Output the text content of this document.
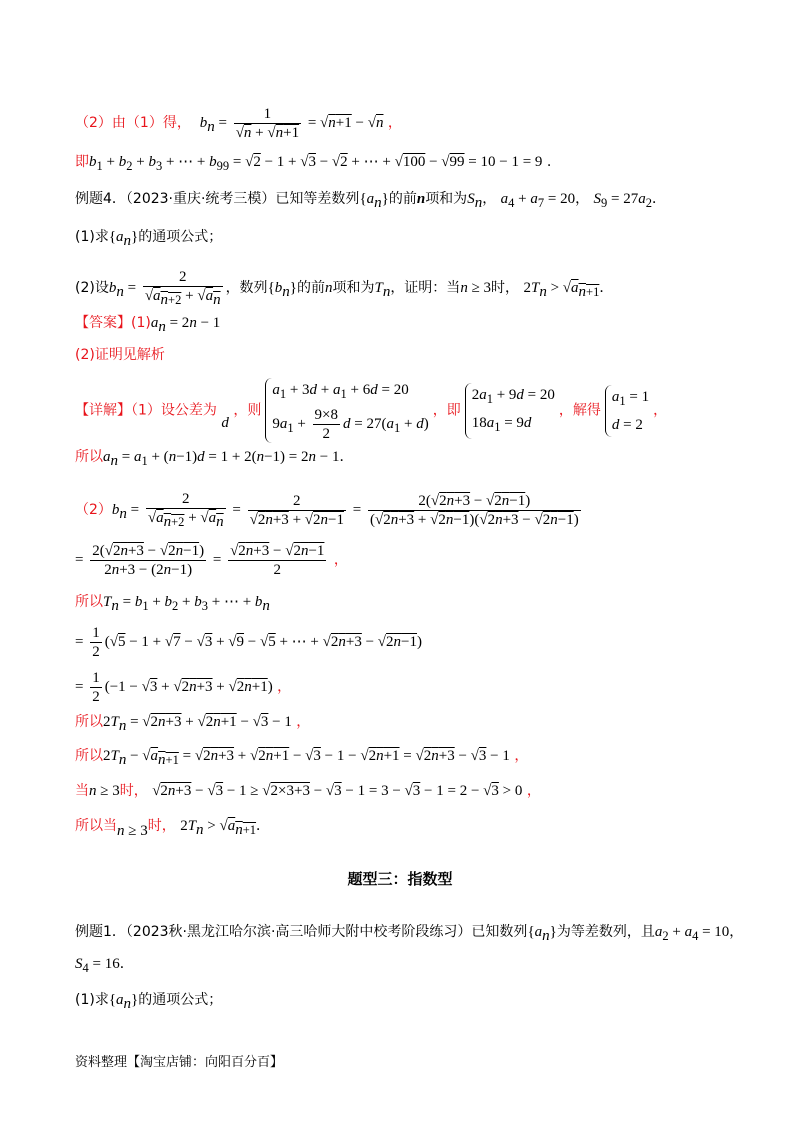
（2）由（1）得，  $b_n = \frac{1}{√n + √n+1} = √n+1 - √n$ ，
即$b_1 + b_2 + b_3$ + ⋯ + $b_{99} = √2 - 1 + √3 - √2$ + ⋯ + √100 − √99 = 10 − 1 = 9 .
例题4．（2023·重庆·统考三模）已知等差数列$\{a_n\}$的前n项和为$S_n$， $a_4 + a_7 = 20$， $S_9 = 27a_2$．
(1)求$\{a_n\}$的通项公式；
(2)设$b_n = \frac{2}{√a_{n+2} + √a_n}$ ，数列$\{b_n\}$的前n项和为$T_n$，证明：当n ≥ 3时， $2T_n > √a_{n+1}$．
【答案】$(1)a_n = 2n - 1$
(2)证明见解析
【详解】（1）设公差为 d ，则
$a_1 + 3d + a_1 + 6d = 20$
$9a_1 + \frac{9\times 8}{2}$ $d = 27(a_1 + d)$
，即
$2a_1 + 9d = 20$
$18a_1 = 9d$
，解得
$a_1 = 1$
d = 2
，
所以$a_n = a_1 + (n-1)d = 1 + 2(n-1) = 2n - 1$．
$(2)b_n = \frac{2}{√a_{n+2} + √a_n} = \frac{2}{√2n+3 + √2n-1} = \frac{2(√2n+3 - √2n-1)}{(√2n+3 + √2n-1)(√2n+3 - √2n-1)}$
= $\frac{2(√2n+3 - √2n-1)}{2n+3 - (2n-1)} = \frac{√2n+3 - √2n-1}{2}$ ，
所以$T_n = b_1 + b_2 + b_3$ + ⋯ + $b_n$
= $\frac{1}{2} (√5 - 1 + √7 - √3 + √9 - √5$ + ⋯ + √2n+3 − √2n−1)
= $\frac{1}{2} (-1 - √3 + √2n+3 + √2n+1)$ ，
所以$2T_n = √2n+3 + √2n+1 - √3 - 1$ ，
所以$2T_n - √a_{n+1} = √2n+3 + √2n+1 - √3 - 1 - √2n+1 = √2n+3 - √3 - 1$ ，
当n ≥ 3时， √2n+3 − √3 − 1 ≥ √2×3+3 − √3 − 1 = 3 − √3 − 1 = 2 − √3 > 0 ，
所以当n ≥ 3时， $2T_n > √a_{n+1}$．
题型三：指数型
例题1．（2023秋·黑龙江哈尔滨·高三哈师大附中校考阶段练习）已知数列$\{a_n\}$为等差数列，且$a_2 + a_4 = 10$，
$S_4 = 16$．
(1)求$\{a_n\}$的通项公式；
资料整理【淘宝店铺：向阳百分百】
